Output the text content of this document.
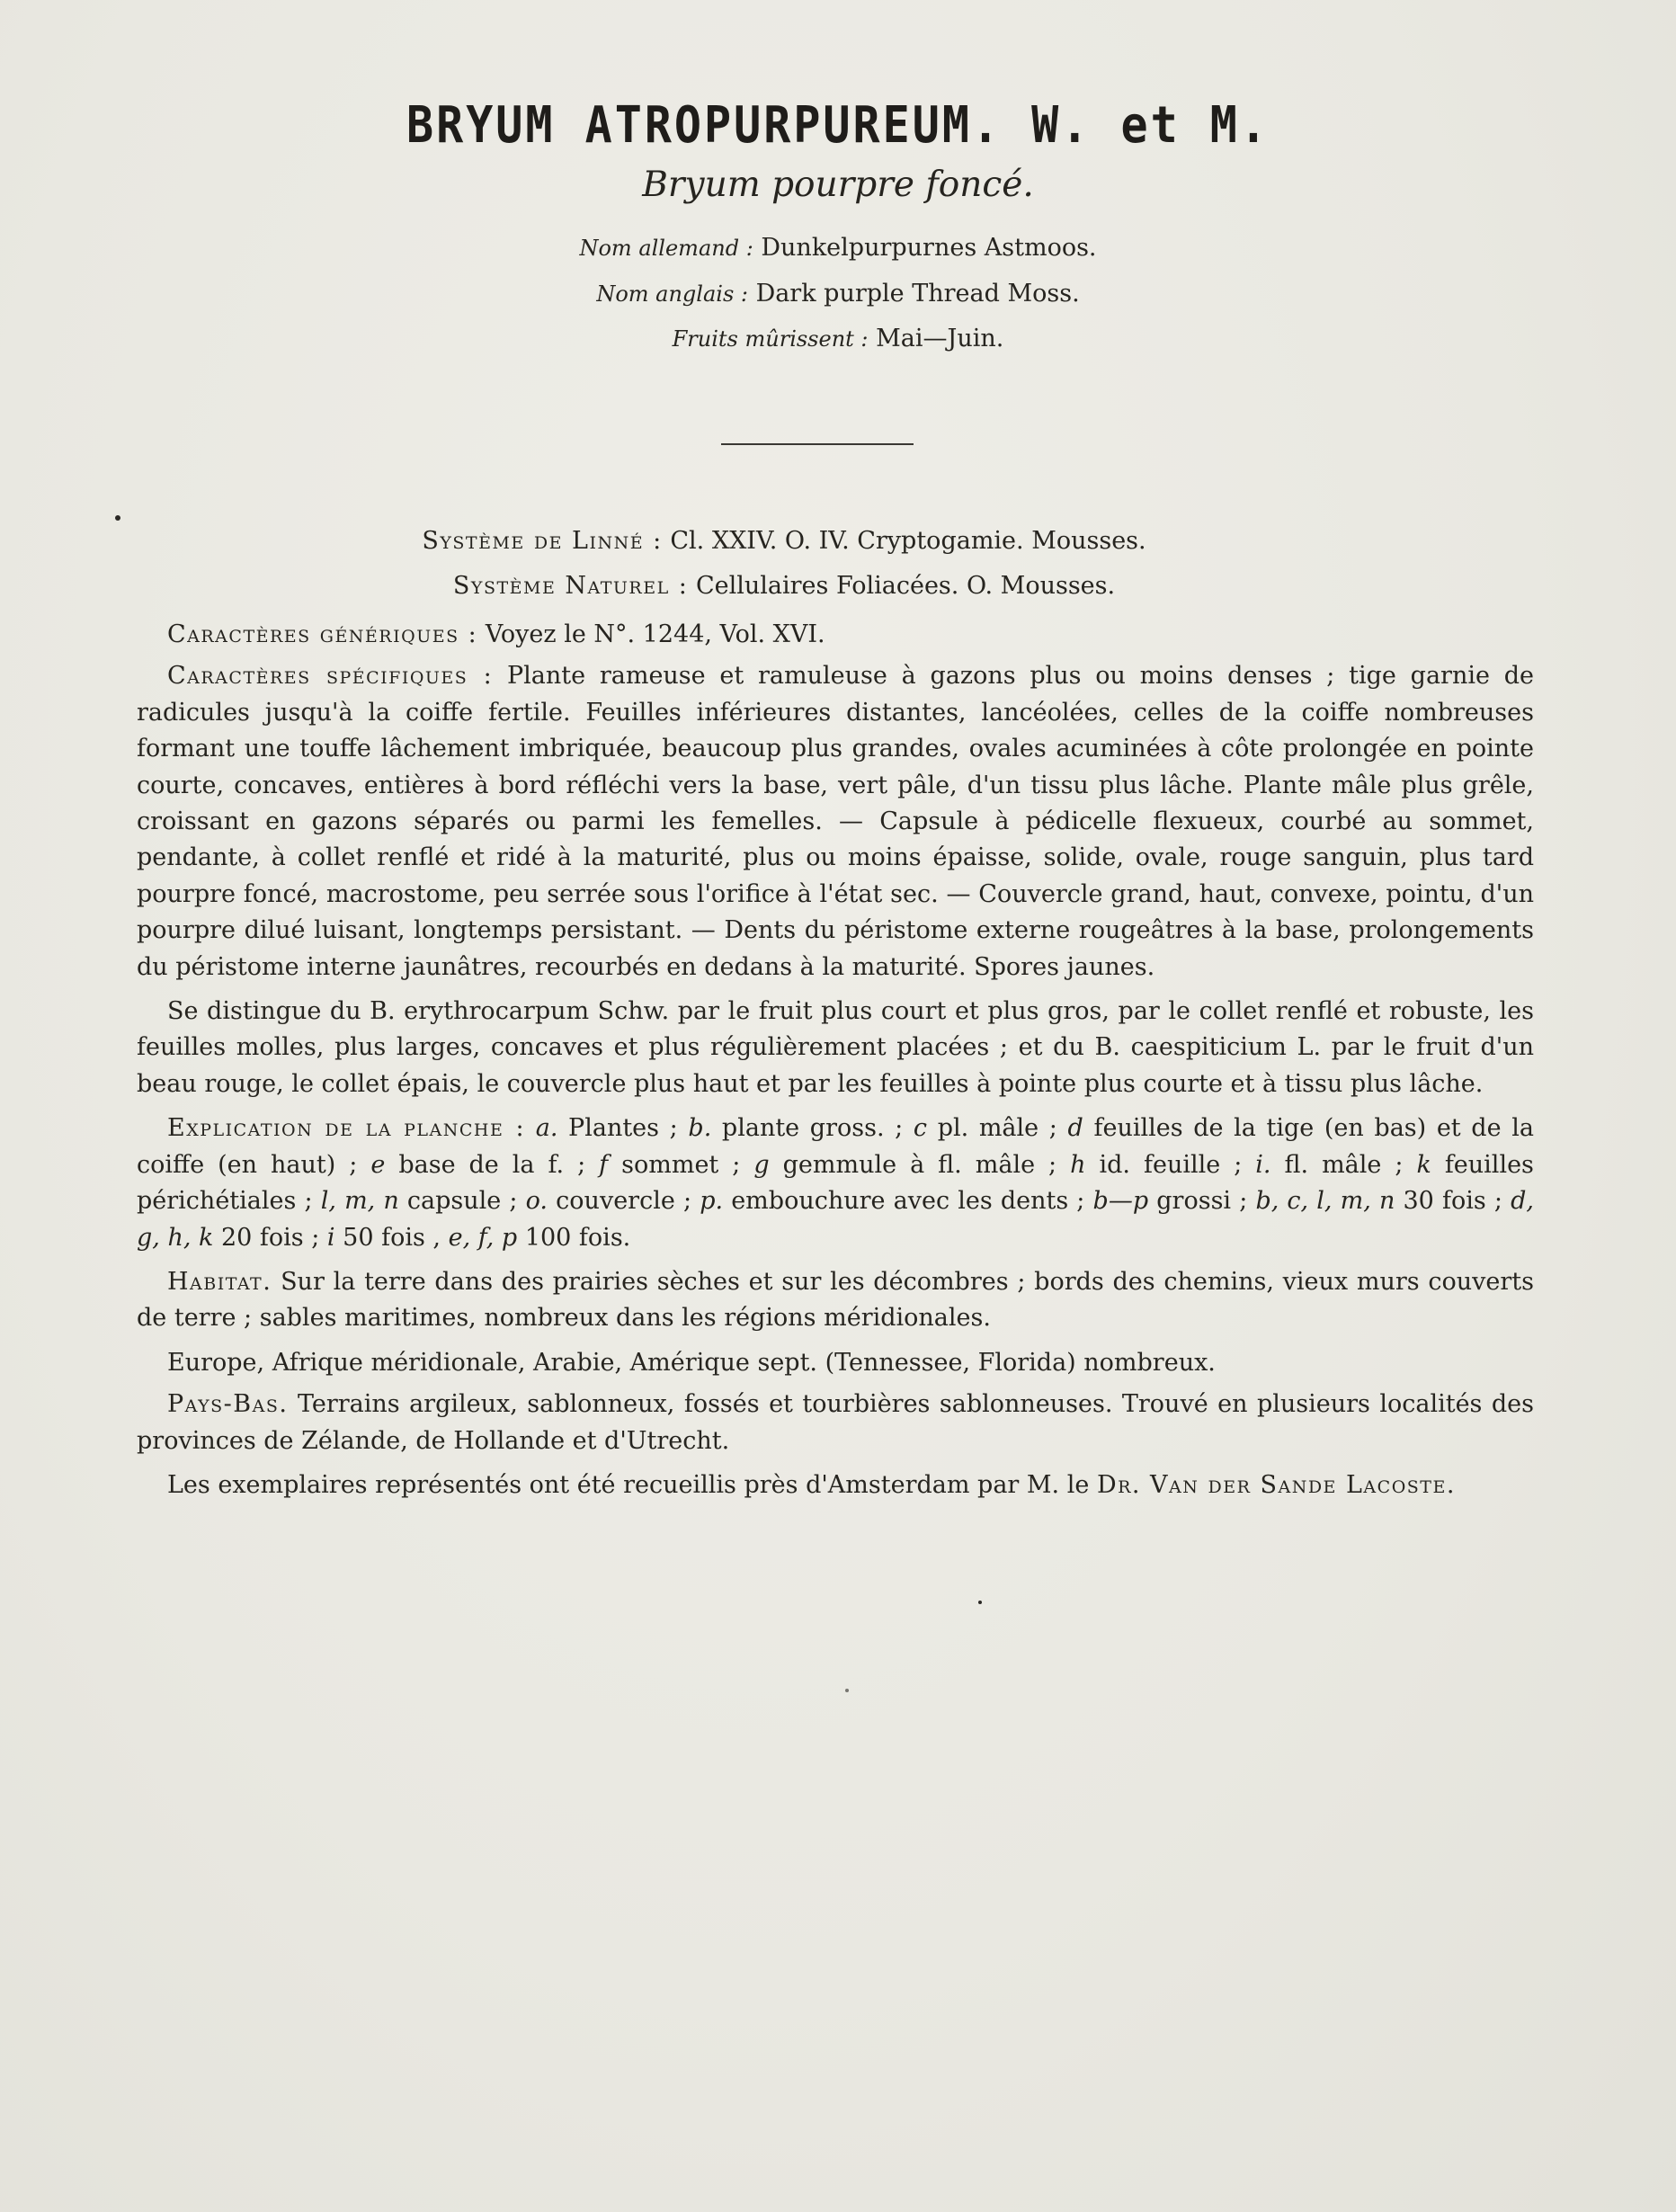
BRYUM ATROPURPUREUM. W. et M.
Bryum pourpre foncé.
Nom allemand : Dunkelpurpurnes Astmoos.
Nom anglais : Dark purple Thread Moss.
Fruits mûrissent : Mai—Juin.
Système de Linné : Cl. XXIV. O. IV. Cryptogamie. Mousses.
Système Naturel : Cellulaires Foliacées. O. Mousses.

Caractères génériques : Voyez le N°. 1244, Vol. XVI.

Caractères spécifiques : Plante rameuse et ramuleuse à gazons plus ou moins denses ; tige garnie de radicules jusqu'à la coiffe fertile. Feuilles inférieures distantes, lancéolées, celles de la coiffe nombreuses formant une touffe lâchement imbriquée, beaucoup plus grandes, ovales acuminées à côte prolongée en pointe courte, concaves, entières à bord réfléchi vers la base, vert pâle, d'un tissu plus lâche. Plante mâle plus grêle, croissant en gazons séparés ou parmi les femelles. — Capsule à pédicelle flexueux, courbé au sommet, pendante, à collet renflé et ridé à la maturité, plus ou moins épaisse, solide, ovale, rouge sanguin, plus tard pourpre foncé, macrostome, peu serrée sous l'orifice à l'état sec. — Couvercle grand, haut, convexe, pointu, d'un pourpre dilué luisant, longtemps persistant. — Dents du péristome externe rougeâtres à la base, prolongements du péristome interne jaunâtres, recourbés en dedans à la maturité. Spores jaunes.

Se distingue du B. erythrocarpum Schw. par le fruit plus court et plus gros, par le collet renflé et robuste, les feuilles molles, plus larges, concaves et plus régulièrement placées ; et du B. caespiticium L. par le fruit d'un beau rouge, le collet épais, le couvercle plus haut et par les feuilles à pointe plus courte et à tissu plus lâche.

Explication de la planche : a. Plantes ; b. plante gross. ; c pl. mâle ; d feuilles de la tige (en bas) et de la coiffe (en haut) ; e base de la f. ; f sommet ; g gemmule à fl. mâle ; h id. feuille ; i. fl. mâle ; k feuilles périchétiales ; l, m, n capsule ; o. couvercle ; p. embouchure avec les dents ; b—p grossi ; b, c, l, m, n 30 fois ; d, g, h, k 20 fois ; i 50 fois , e, f, p 100 fois.

Habitat. Sur la terre dans des prairies sèches et sur les décombres ; bords des chemins, vieux murs couverts de terre ; sables maritimes, nombreux dans les régions méridionales.

Europe, Afrique méridionale, Arabie, Amérique sept. (Tennessee, Florida) nombreux.

Pays-Bas. Terrains argileux, sablonneux, fossés et tourbières sablonneuses. Trouvé en plusieurs localités des provinces de Zélande, de Hollande et d'Utrecht.

Les exemplaires représentés ont été recueillis près d'Amsterdam par M. le Dr. Van der Sande Lacoste.
